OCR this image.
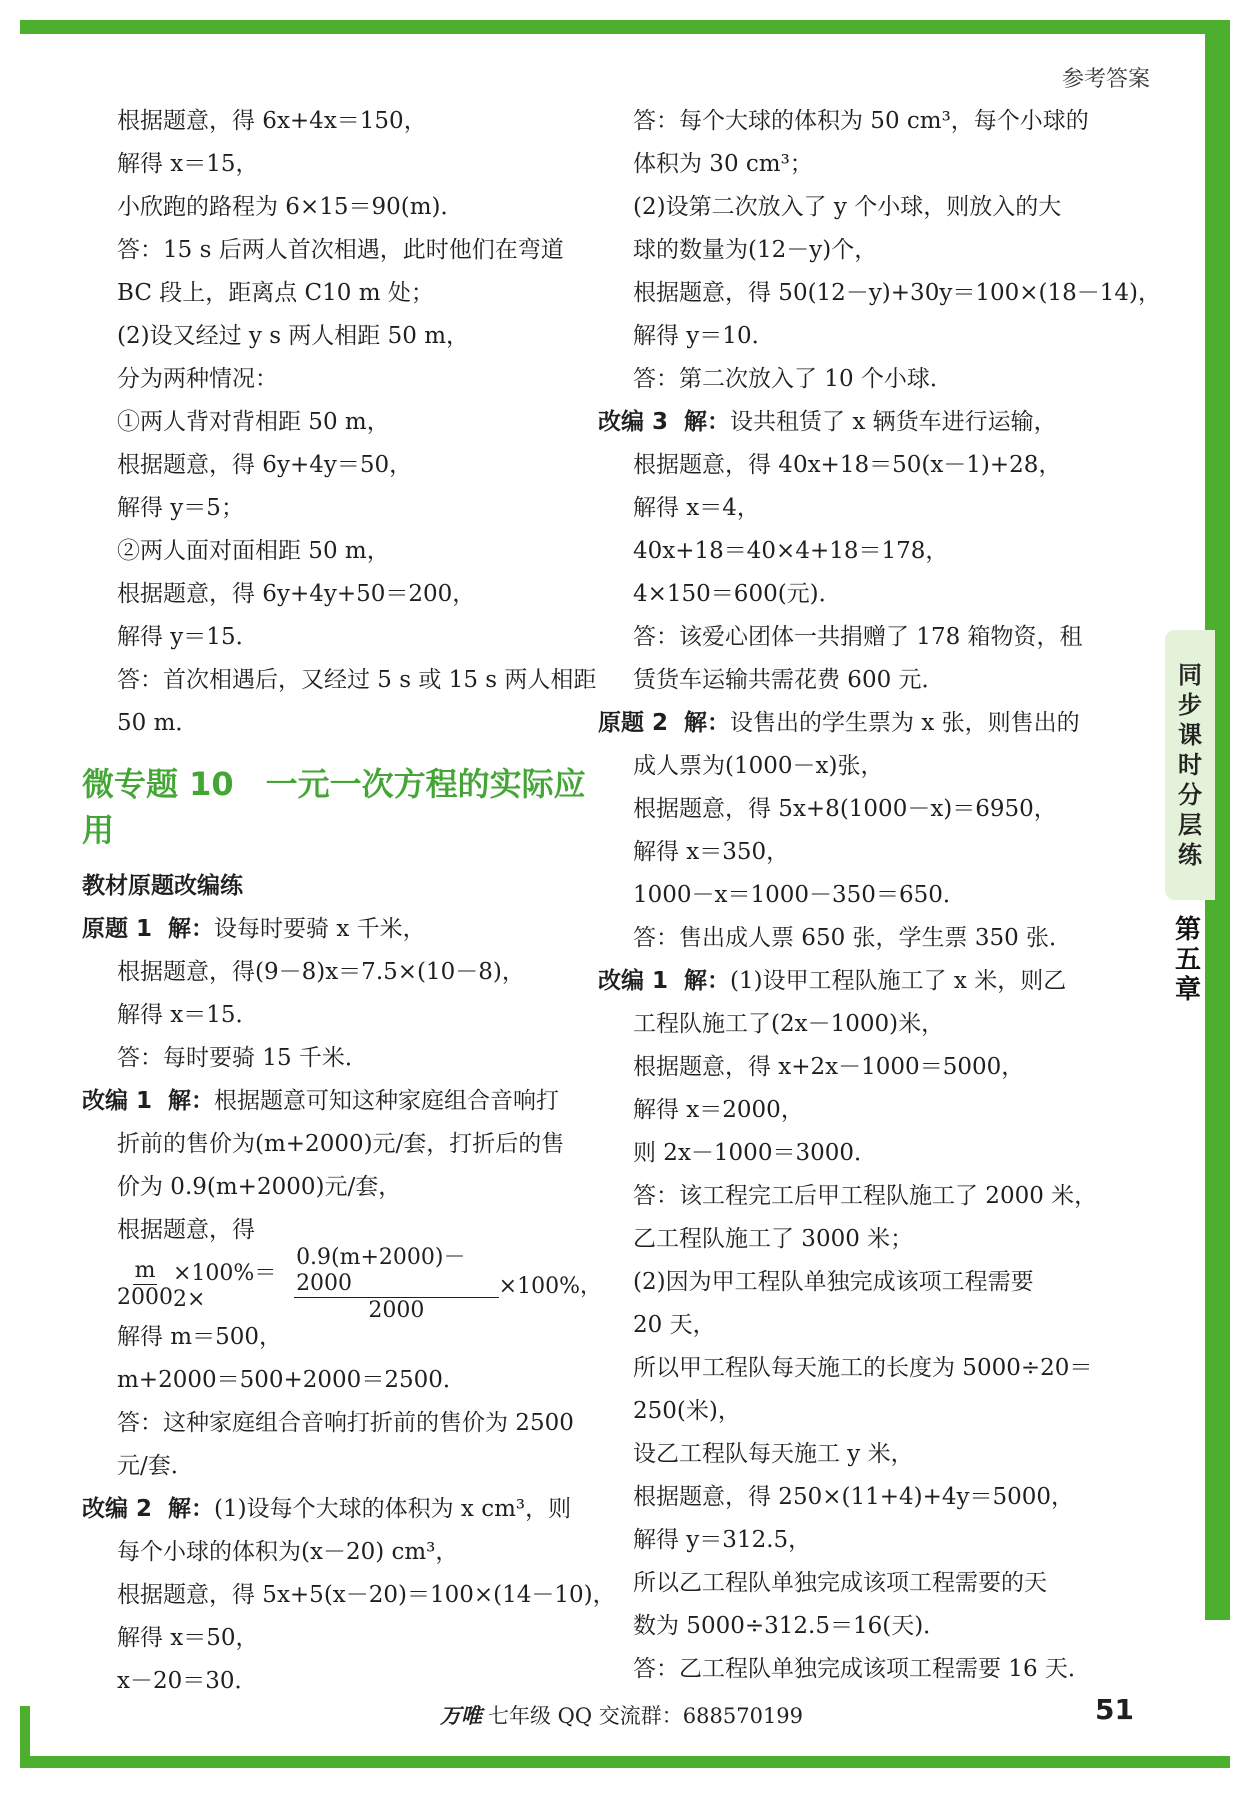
参考答案
根据题意，得 6x+4x＝150，
解得 x＝15，
小欣跑的路程为 6×15＝90(m)．
答：15 s 后两人首次相遇，此时他们在弯道
BC 段上，距离点 C10 m 处；
(2)设又经过 y s 两人相距 50 m，
分为两种情况：
①两人背对背相距 50 m，
根据题意，得 6y+4y＝50，
解得 y＝5；
②两人面对面相距 50 m，
根据题意，得 6y+4y+50＝200，
解得 y＝15．
答：首次相遇后，又经过 5 s 或 15 s 两人相距
50 m．
微专题 10　一元一次方程的实际应用
教材原题改编练
原题 1 解：设每时要骑 x 千米，
根据题意，得(9－8)x＝7.5×(10－8)，
解得 x＝15．
答：每时要骑 15 千米．
改编 1 解：根据题意可知这种家庭组合音响打
折前的售价为(m+2000)元/套，打折后的售
价为 0.9(m+2000)元/套，
根据题意，得
$\frac{m}{2000} \times 100\%=2\times$	$\frac{0.9(m+2000)-2000}{2000} \times 100\%$，
解得 m＝500，
m+2000＝500+2000＝2500．
答：这种家庭组合音响打折前的售价为 2500
元/套．
改编 2 解：(1)设每个大球的体积为 x cm³，则
每个小球的体积为(x－20) cm³，
根据题意，得 5x+5(x－20)＝100×(14－10)，
解得 x＝50，
x－20＝30．
答：每个大球的体积为 50 cm³，每个小球的
体积为 30 cm³；
(2)设第二次放入了 y 个小球，则放入的大
球的数量为(12－y)个，
根据题意，得 50(12－y)+30y＝100×(18－14)，
解得 y＝10．
答：第二次放入了 10 个小球．
改编 3 解：设共租赁了 x 辆货车进行运输，
根据题意，得 40x+18＝50(x－1)+28，
解得 x＝4，
40x+18＝40×4+18＝178，
4×150＝600(元)．
答：该爱心团体一共捐赠了 178 箱物资，租
赁货车运输共需花费 600 元．
原题 2 解：设售出的学生票为 x 张，则售出的
成人票为(1000－x)张，
根据题意，得 5x+8(1000－x)＝6950，
解得 x＝350，
1000－x＝1000－350＝650．
答：售出成人票 650 张，学生票 350 张．
改编 1 解：(1)设甲工程队施工了 x 米，则乙
工程队施工了(2x－1000)米，
根据题意，得 x+2x－1000＝5000，
解得 x＝2000，
则 2x－1000＝3000．
答：该工程完工后甲工程队施工了 2000 米，
乙工程队施工了 3000 米；
(2)因为甲工程队单独完成该项工程需要
20 天，
所以甲工程队每天施工的长度为 5000÷20＝
250(米)，
设乙工程队每天施工 y 米，
根据题意，得 250×(11+4)+4y＝5000，
解得 y＝312.5，
所以乙工程队单独完成该项工程需要的天
数为 5000÷312.5＝16(天)．
答：乙工程队单独完成该项工程需要 16 天．
同步课时分层练
第五章
万唯 七年级 QQ 交流群：688570199	51
